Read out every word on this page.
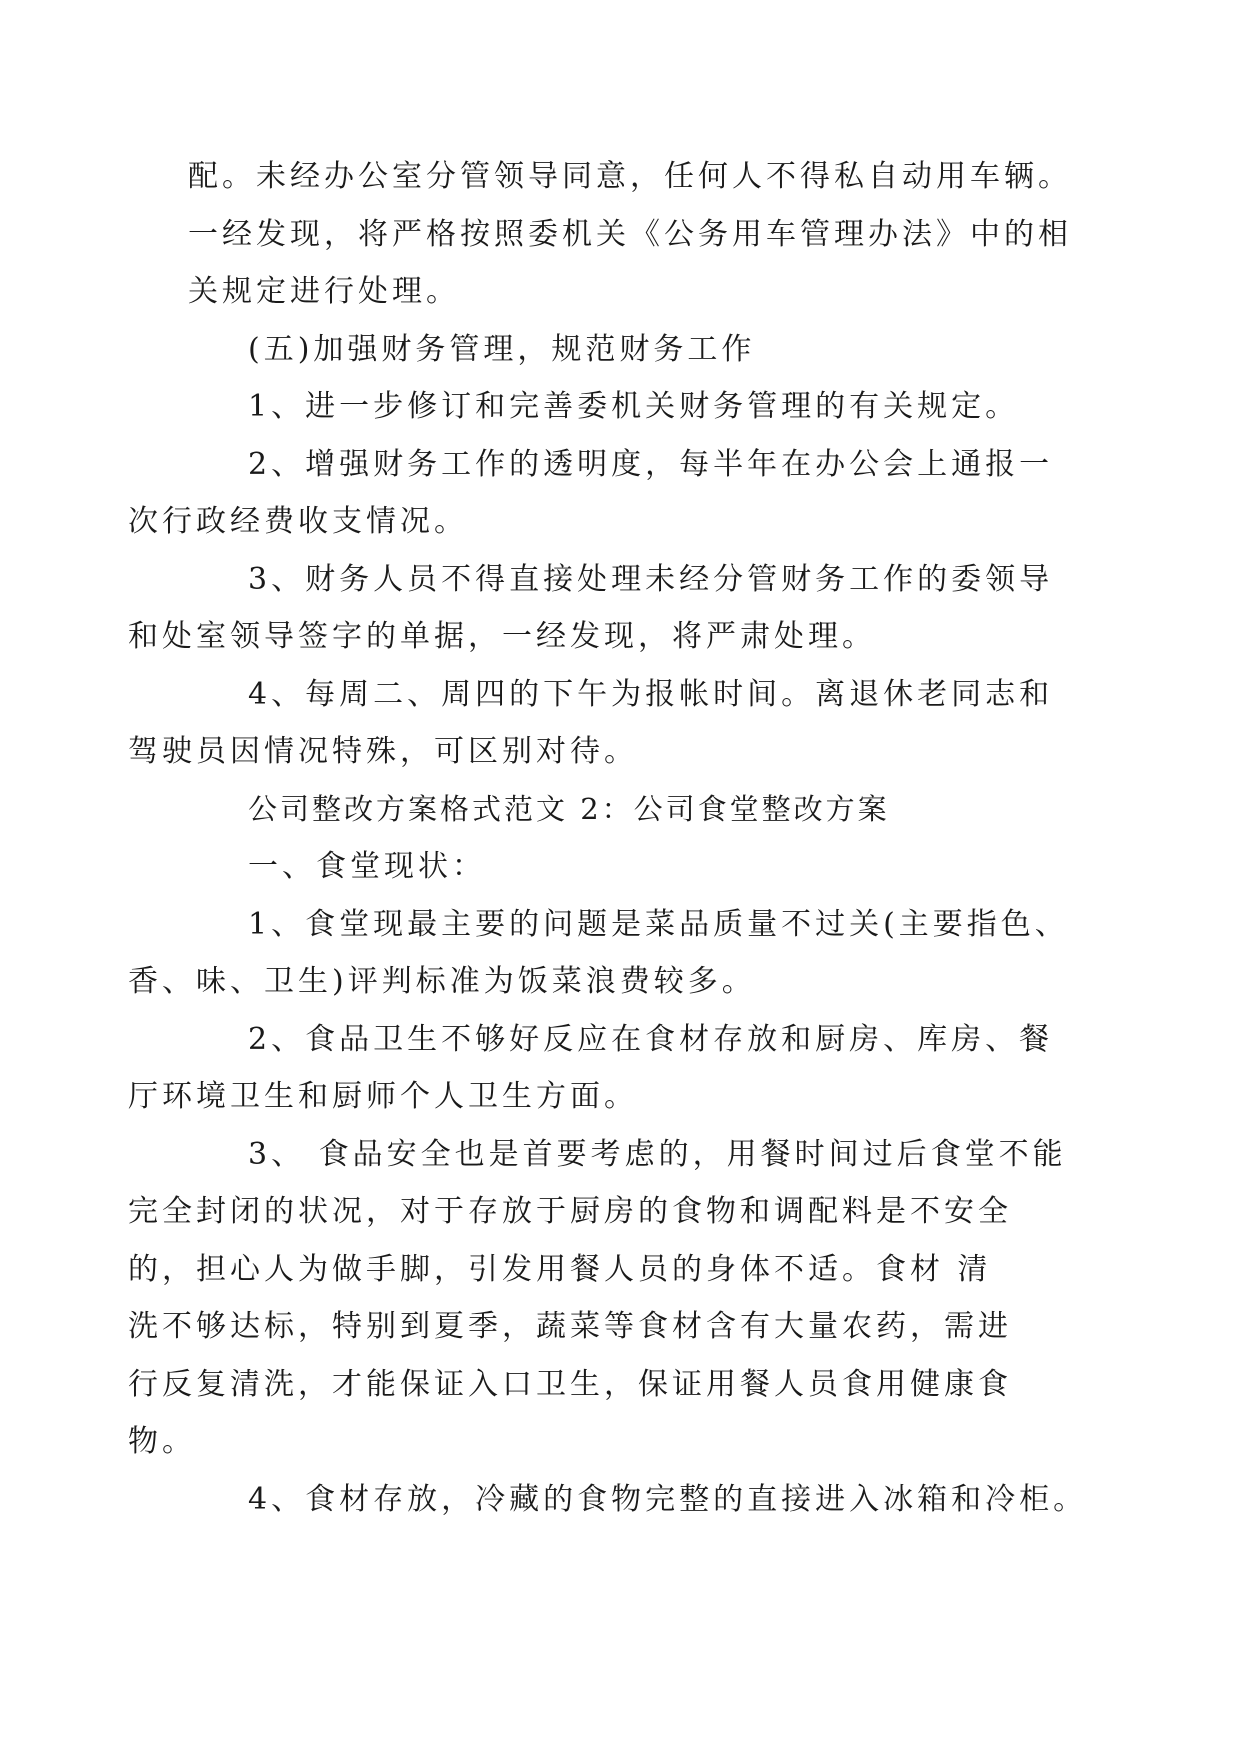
配。未经办公室分管领导同意，任何人不得私自动用车辆。
一经发现，将严格按照委机关《公务用车管理办法》中的相
关规定进行处理。

(五)加强财务管理，规范财务工作

1、进一步修订和完善委机关财务管理的有关规定。

2、增强财务工作的透明度，每半年在办公会上通报一
次行政经费收支情况。

3、财务人员不得直接处理未经分管财务工作的委领导
和处室领导签字的单据，一经发现，将严肃处理。

4、每周二、周四的下午为报帐时间。离退休老同志和
驾驶员因情况特殊，可区别对待。

公司整改方案格式范文 2：公司食堂整改方案

一、食堂现状：

1、食堂现最主要的问题是菜品质量不过关(主要指色、
香、味、卫生)评判标准为饭菜浪费较多。

2、食品卫生不够好反应在食材存放和厨房、库房、餐
厅环境卫生和厨师个人卫生方面。

3、 食品安全也是首要考虑的，用餐时间过后食堂不能
完全封闭的状况，对于存放于厨房的食物和调配料是不安全
的，担心人为做手脚，引发用餐人员的身体不适。食材 清
洗不够达标，特别到夏季，蔬菜等食材含有大量农药，需进
行反复清洗，才能保证入口卫生，保证用餐人员食用健康食
物。

4、食材存放，冷藏的食物完整的直接进入冰箱和冷柜。
